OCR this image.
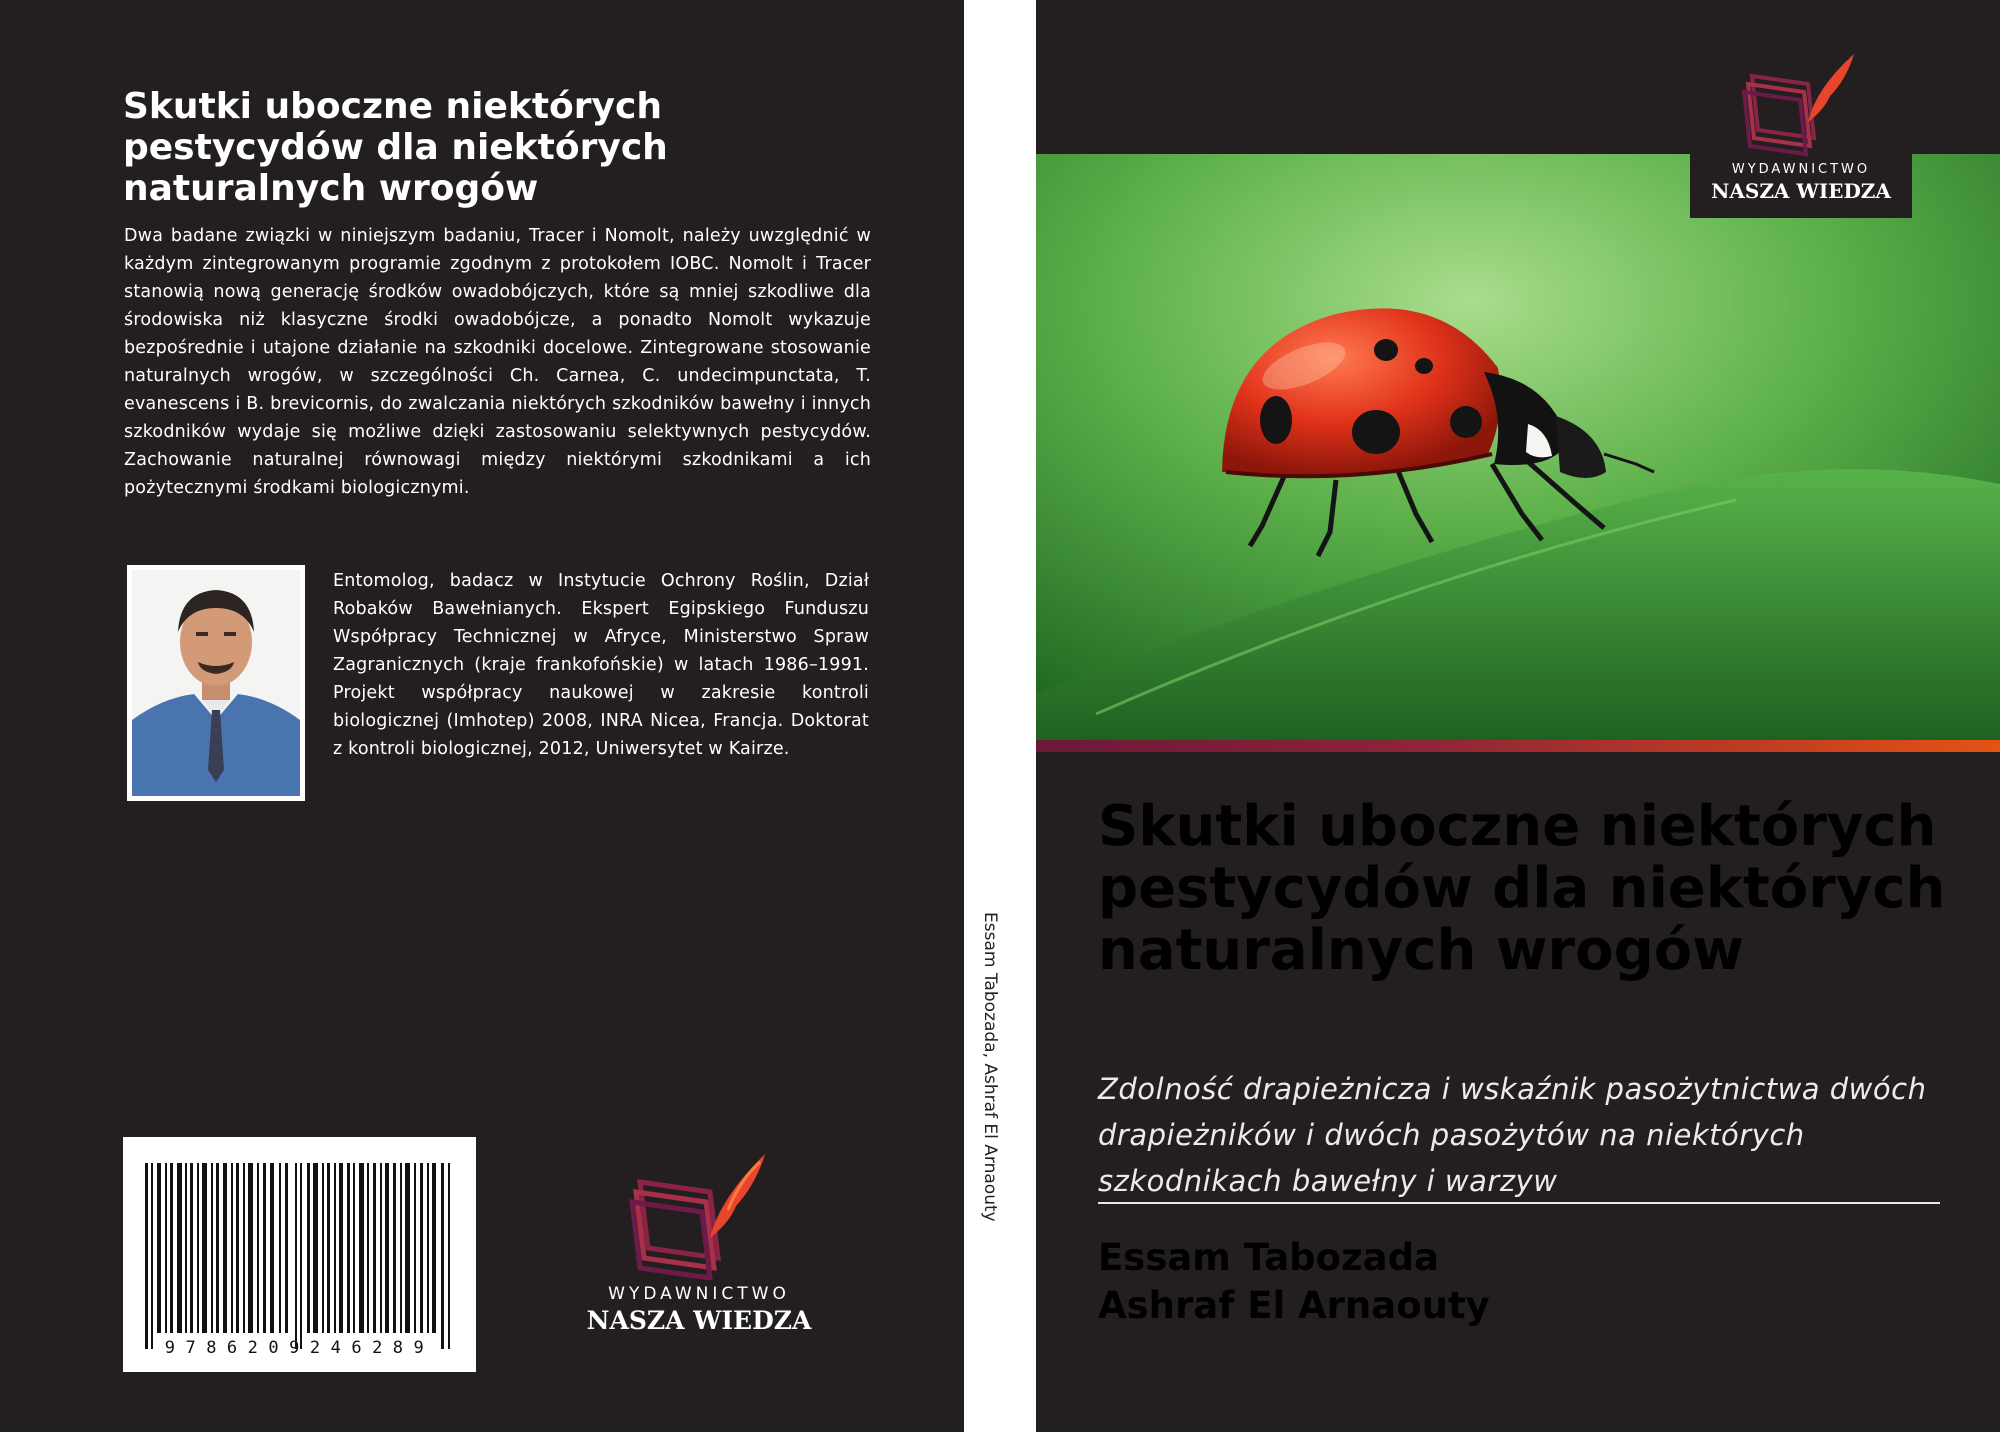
Skutki uboczne niektórych pestycydów dla niektórych naturalnych wrogów

Dwa badane związki w niniejszym badaniu, Tracer i Nomolt, należy uwzględnić w każdym zintegrowanym programie zgodnym z protokołem IOBC. Nomolt i Tracer stanowią nową generację środków owadobójczych, które są mniej szkodliwe dla środowiska niż klasyczne środki owadobójcze, a ponadto Nomolt wykazuje bezpośrednie i utajone działanie na szkodniki docelowe. Zintegrowane stosowanie naturalnych wrogów, w szczególności Ch. Carnea, C. undecimpunctata, T. evanescens i B. brevicornis, do zwalczania niektórych szkodników bawełny i innych szkodników wydaje się możliwe dzięki zastosowaniu selektywnych pestycydów. Zachowanie naturalnej równowagi między niektórymi szkodnikami a ich pożytecznymi środkami biologicznymi.

Entomolog, badacz w Instytucie Ochrony Roślin, Dział Robaków Bawełnianych. Ekspert Egipskiego Funduszu Współpracy Technicznej w Afryce, Ministerstwo Spraw Zagranicznych (kraje frankofońskie) w latach 1986–1991. Projekt współpracy naukowej w zakresie kontroli biologicznej (Imhotep) 2008, INRA Nicea, Francja. Doktorat z kontroli biologicznej, 2012, Uniwersytet w Kairze.

9786209246289
WYDAWNICTWO
NASZA WIEDZA
Essam Tabozada, Ashraf El Arnaouty
WYDAWNICTWO
NASZA WIEDZA
Skutki uboczne niektórych pestycydów dla niektórych naturalnych wrogów

Zdolność drapieżnicza i wskaźnik pasożytnictwa dwóch drapieżników i dwóch pasożytów na niektórych szkodnikach bawełny i warzyw

Essam Tabozada
Ashraf El Arnaouty
